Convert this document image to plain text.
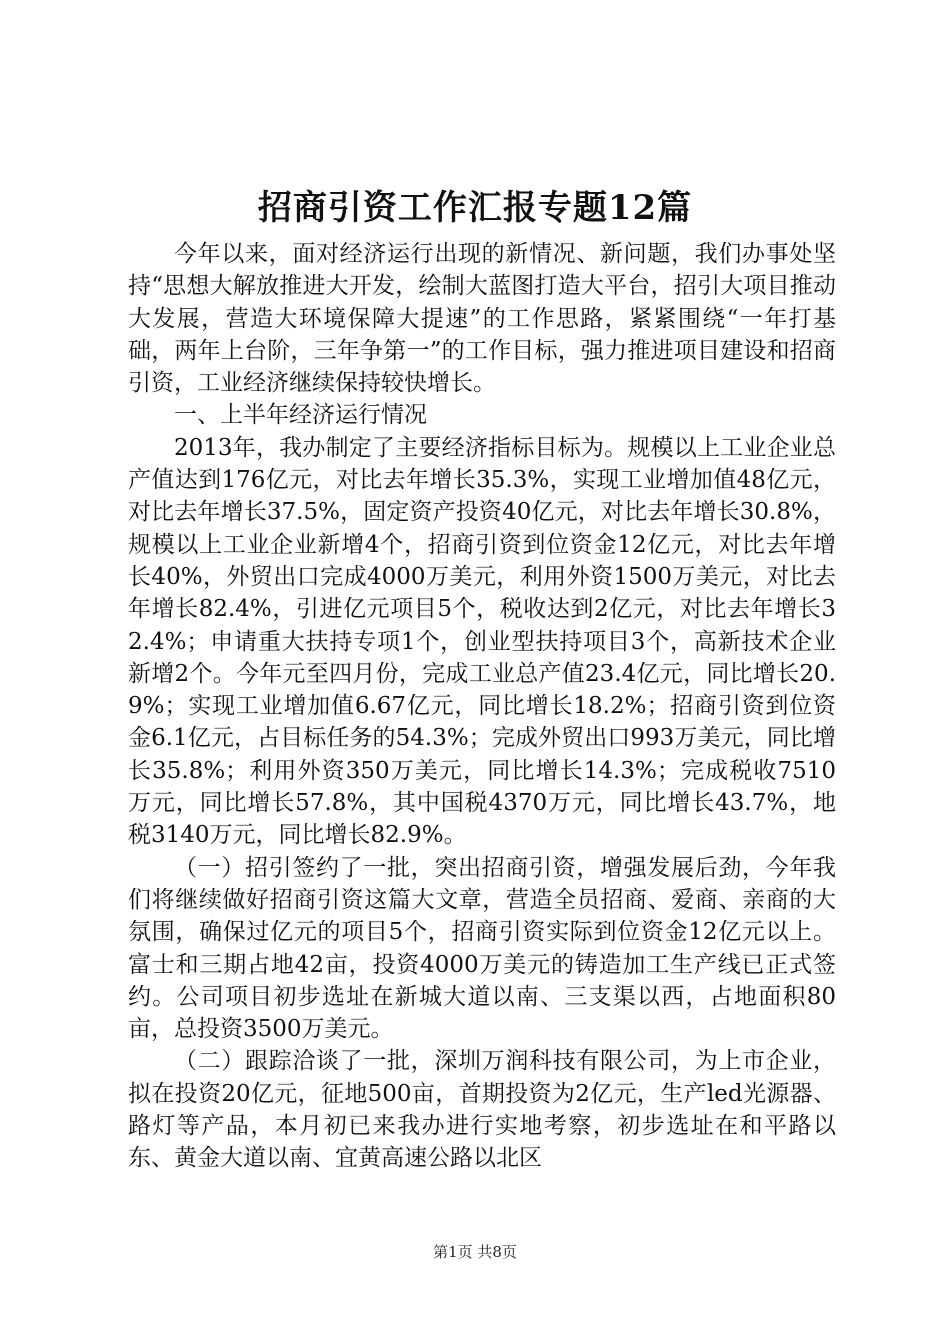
招商引资工作汇报专题12篇

今年以来，面对经济运行出现的新情况、新问题，我们办事处坚持“思想大解放推进大开发，绘制大蓝图打造大平台，招引大项目推动大发展，营造大环境保障大提速”的工作思路，紧紧围绕“一年打基础，两年上台阶，三年争第一”的工作目标，强力推进项目建设和招商引资，工业经济继续保持较快增长。

一、上半年经济运行情况

2013年，我办制定了主要经济指标目标为。规模以上工业企业总产值达到176亿元，对比去年增长35.3%，实现工业增加值48亿元，对比去年增长37.5%，固定资产投资40亿元，对比去年增长30.8%，规模以上工业企业新增4个，招商引资到位资金12亿元，对比去年增长40%，外贸出口完成4000万美元，利用外资1500万美元，对比去年增长82.4%，引进亿元项目5个，税收达到2亿元，对比去年增长32.4%；申请重大扶持专项1个，创业型扶持项目3个，高新技术企业新增2个。今年元至四月份，完成工业总产值23.4亿元，同比增长20.9%；实现工业增加值6.67亿元，同比增长18.2%；招商引资到位资金6.1亿元，占目标任务的54.3%；完成外贸出口993万美元，同比增长35.8%；利用外资350万美元，同比增长14.3%；完成税收7510万元，同比增长57.8%，其中国税4370万元，同比增长43.7%，地税3140万元，同比增长82.9%。

（一）招引签约了一批，突出招商引资，增强发展后劲，今年我们将继续做好招商引资这篇大文章，营造全员招商、爱商、亲商的大氛围，确保过亿元的项目5个，招商引资实际到位资金12亿元以上。富士和三期占地42亩，投资4000万美元的铸造加工生产线已正式签约。公司项目初步选址在新城大道以南、三支渠以西，占地面积80亩，总投资3500万美元。

（二）跟踪洽谈了一批，深圳万润科技有限公司，为上市企业，拟在投资20亿元，征地500亩，首期投资为2亿元，生产led光源器、路灯等产品，本月初已来我办进行实地考察，初步选址在和平路以东、黄金大道以南、宜黄高速公路以北区

第1页 共8页
